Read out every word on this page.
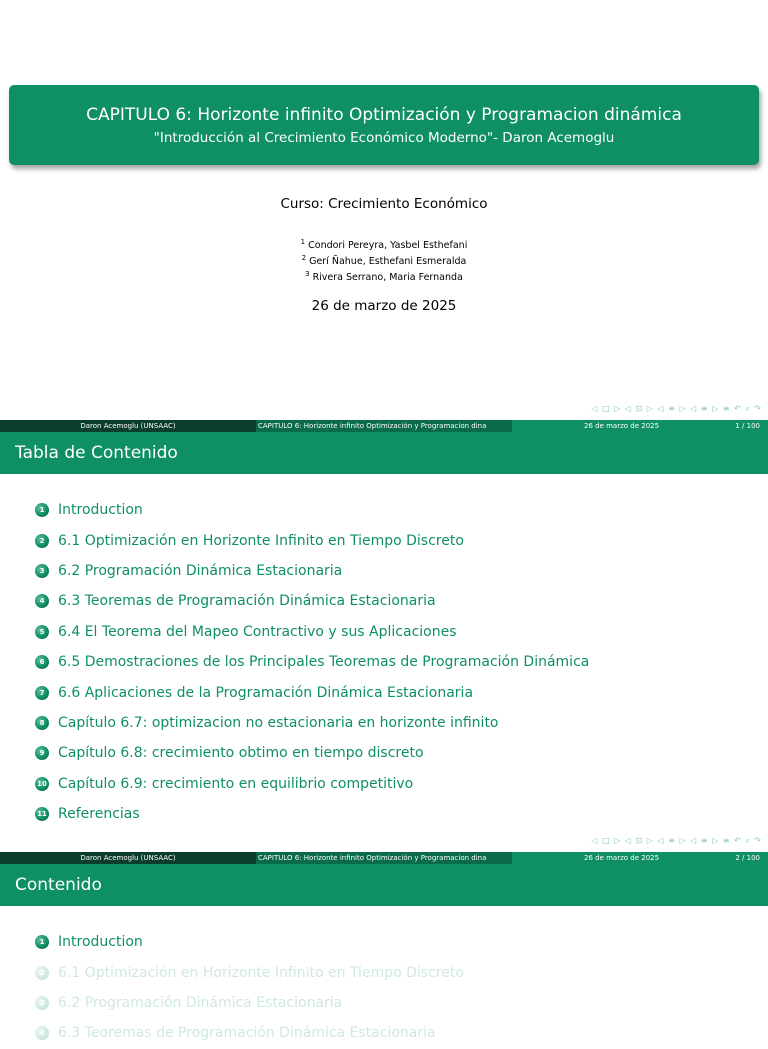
CAPITULO 6: Horizonte infinito Optimización y Programacion dinámica
"Introducción al Crecimiento Económico Moderno"- Daron Acemoglu
Curso: Crecimiento Económico
$^1$ Condori Pereyra, Yasbel Esthefani
$^2$ Gerí Ñahue, Esthefani Esmeralda
$^3$ Rivera Serrano, Maria Fernanda
26 de marzo de 2025
◁ □ ▷ ◁ ⊡ ▷ ◁ ≡ ▷ ◁ ≡ ▷ ≡ ↶ ⌕ ↷
Daron Acemoglu (UNSAAC)	CAPITULO 6: Horizonte infinito Optimización y Programacion dina	26 de marzo de 2025	1 / 100
Tabla de Contenido
1 Introduction
2 6.1 Optimización en Horizonte Infinito en Tiempo Discreto
3 6.2 Programación Dinámica Estacionaria
4 6.3 Teoremas de Programación Dinámica Estacionaria
5 6.4 El Teorema del Mapeo Contractivo y sus Aplicaciones
6 6.5 Demostraciones de los Principales Teoremas de Programación Dinámica
7 6.6 Aplicaciones de la Programación Dinámica Estacionaria
8 Capítulo 6.7: optimizacion no estacionaria en horizonte infinito
9 Capítulo 6.8: crecimiento obtimo en tiempo discreto
10 Capítulo 6.9: crecimiento en equilibrio competitivo
11 Referencias
◁ □ ▷ ◁ ⊡ ▷ ◁ ≡ ▷ ◁ ≡ ▷ ≡ ↶ ⌕ ↷
Daron Acemoglu (UNSAAC)	CAPITULO 6: Horizonte infinito Optimización y Programacion dina	26 de marzo de 2025	2 / 100
Contenido
1 Introduction
2 6.1 Optimización en Horizonte Infinito en Tiempo Discreto
3 6.2 Programación Dinámica Estacionaria
4 6.3 Teoremas de Programación Dinámica Estacionaria
